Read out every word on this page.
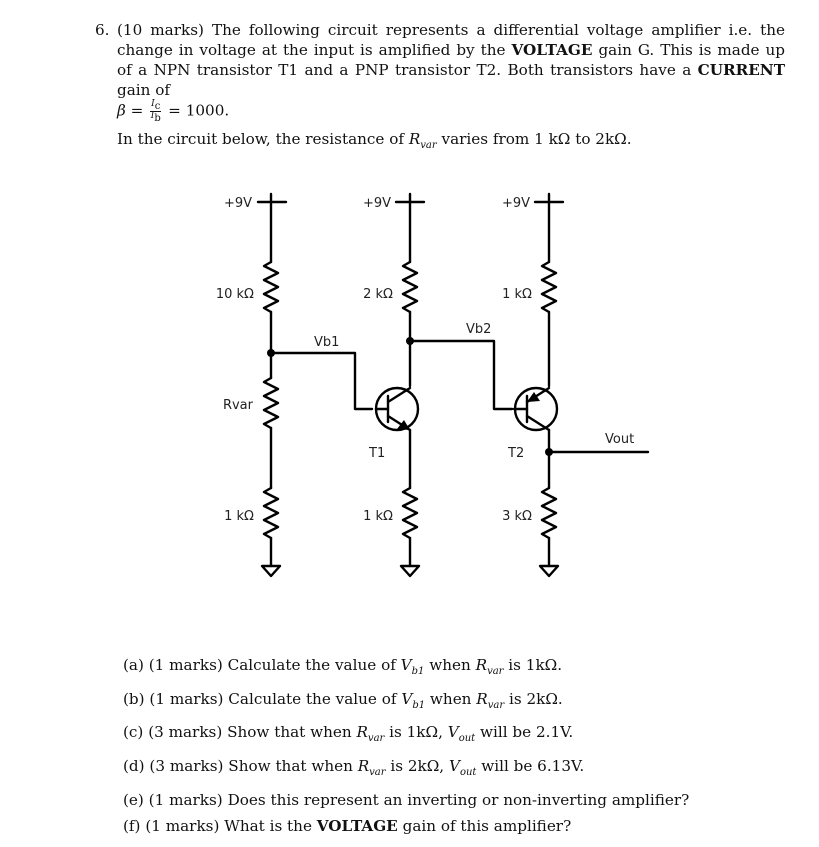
6. (10 marks) The following circuit represents a differential voltage amplifier i.e. the change in voltage at the input is amplified by the VOLTAGE gain G. This is made up of a NPN transistor T1 and a PNP transistor T2. Both transistors have a CURRENT gain of

$\beta = \frac{I_c}{I_b} = 1000$.

In the circuit below, the resistance of $R_{var}$ varies from 1 kΩ to 2kΩ.

+9V	+9V	+9V
10 kΩ	2 kΩ	1 kΩ
Rvar
1 kΩ	1 kΩ	3 kΩ
Vb1
Vb2
T1	T2
Vout
(a) (1 marks) Calculate the value of $V_{b1}$ when $R_{var}$ is 1kΩ.
(b) (1 marks) Calculate the value of $V_{b1}$ when $R_{var}$ is 2kΩ.
(c) (3 marks) Show that when $R_{var}$ is 1kΩ, $V_{out}$ will be 2.1V.
(d) (3 marks) Show that when $R_{var}$ is 2kΩ, $V_{out}$ will be 6.13V.
(e) (1 marks) Does this represent an inverting or non-inverting amplifier?
(f) (1 marks) What is the VOLTAGE gain of this amplifier?
